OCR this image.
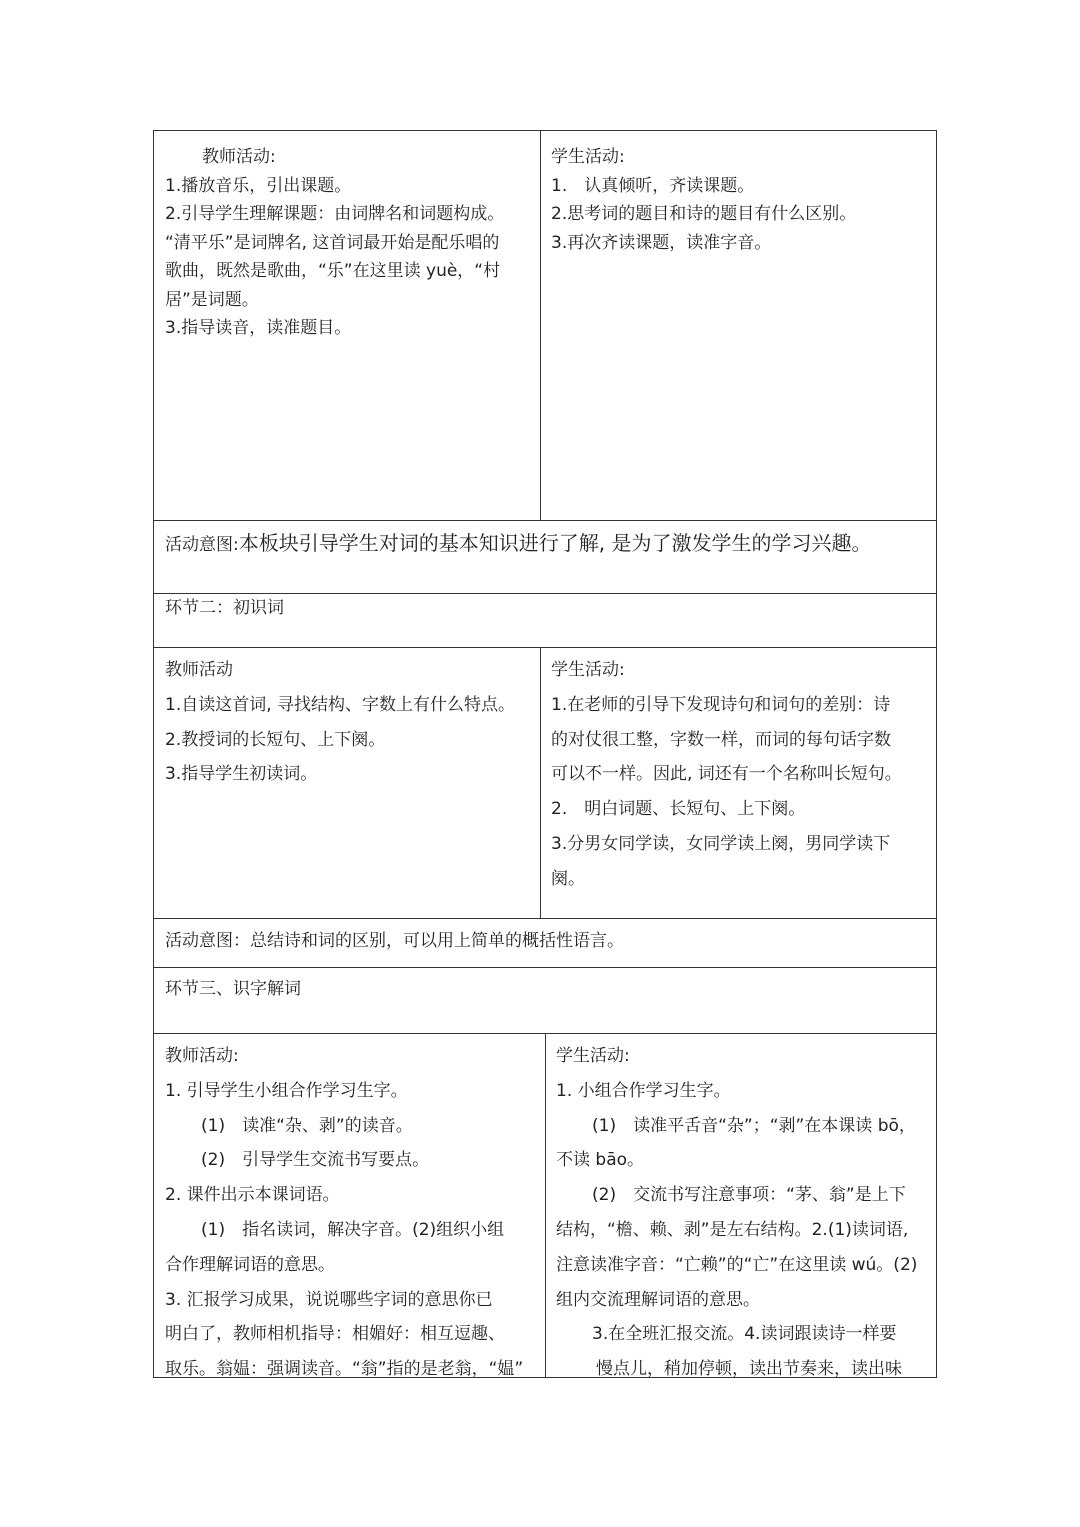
教师活动:

1.播放音乐，引出课题。

2.引导学生理解课题：由词牌名和词题构成。

“清平乐”是词牌名, 这首词最开始是配乐唱的

歌曲，既然是歌曲，“乐”在这里读 yuè，“村

居”是词题。

3.指导读音，读准题目。

学生活动:

1.　认真倾听，齐读课题。

2.思考词的题目和诗的题目有什么区别。

3.再次齐读课题，读准字音。

活动意图:本板块引导学生对词的基本知识进行了解, 是为了激发学生的学习兴趣。

环节二：初识词

教师活动

1.自读这首词, 寻找结构、字数上有什么特点。

2.教授词的长短句、上下阕。

3.指导学生初读词。

学生活动:

1.在老师的引导下发现诗句和词句的差别：诗

的对仗很工整，字数一样，而词的每句话字数

可以不一样。因此, 词还有一个名称叫长短句。

2.　明白词题、长短句、上下阕。

3.分男女同学读，女同学读上阕，男同学读下

阕。

活动意图：总结诗和词的区别，可以用上简单的概括性语言。

环节三、识字解词

教师活动:

1. 引导学生小组合作学习生字。

(1)　读准“杂、剥”的读音。

(2)　引导学生交流书写要点。

2. 课件出示本课词语。

(1)　指名读词，解决字音。(2)组织小组

合作理解词语的意思。

3. 汇报学习成果，说说哪些字词的意思你已

明白了，教师相机指导：相媚好：相互逗趣、

取乐。翁媪：强调读音。“翁”指的是老翁，“媪”

学生活动:

1. 小组合作学习生字。

(1)　读准平舌音“杂”；“剥”在本课读 bō，

不读 bāo。

(2)　交流书写注意事项：“茅、翁”是上下

结构，“檐、赖、剥”是左右结构。2.(1)读词语,

注意读准字音：“亡赖”的“亡”在这里读 wú。(2)

组内交流理解词语的意思。

3.在全班汇报交流。4.读词跟读诗一样要

慢点儿，稍加停顿，读出节奏来，读出味
